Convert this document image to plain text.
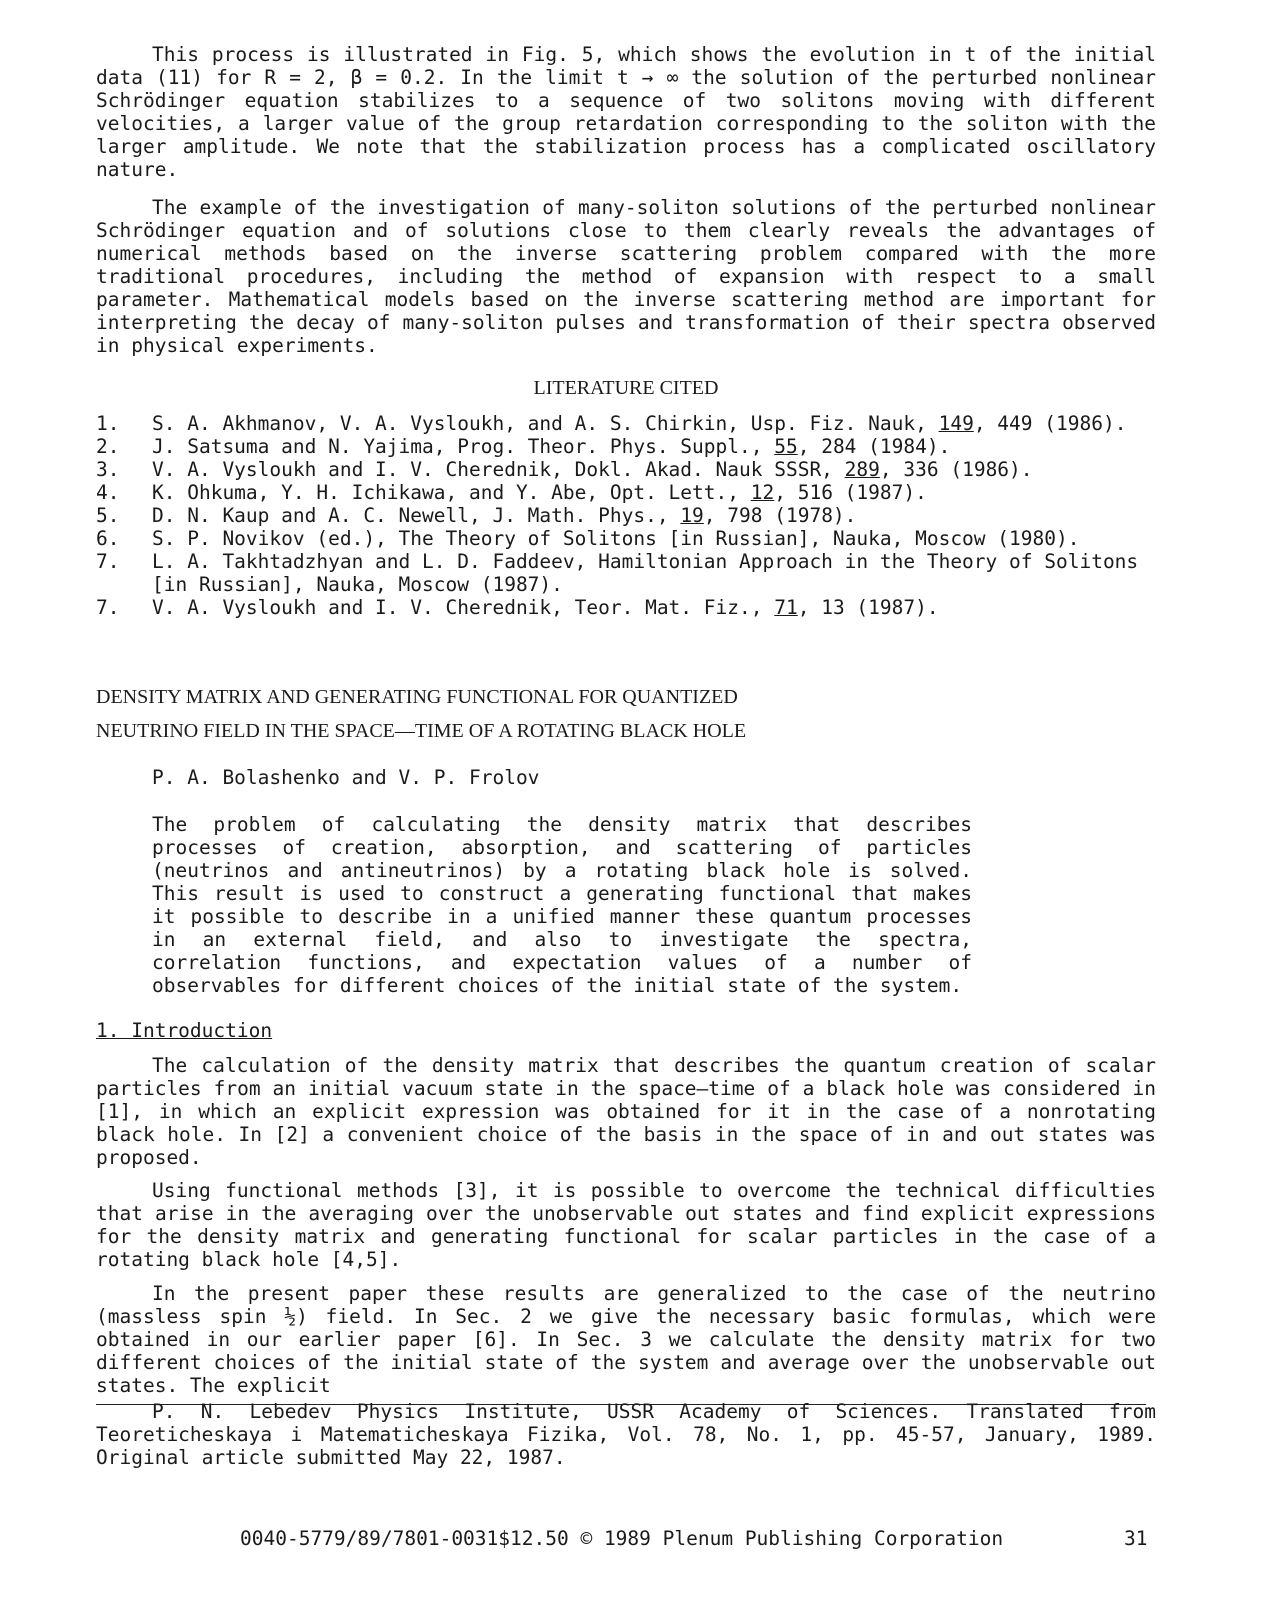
This process is illustrated in Fig. 5, which shows the evolution in t of the initial data (11) for R = 2, β = 0.2. In the limit t → ∞ the solution of the perturbed nonlinear Schrödinger equation stabilizes to a sequence of two solitons moving with different velocities, a larger value of the group retardation corresponding to the soliton with the larger amplitude. We note that the stabilization process has a complicated oscillatory nature.

The example of the investigation of many-soliton solutions of the perturbed nonlinear Schrödinger equation and of solutions close to them clearly reveals the advantages of numerical methods based on the inverse scattering problem compared with the more traditional procedures, including the method of expansion with respect to a small parameter. Mathematical models based on the inverse scattering method are important for interpreting the decay of many-soliton pulses and transformation of their spectra observed in physical experiments.

LITERATURE CITED
1.	S. A. Akhmanov, V. A. Vysloukh, and A. S. Chirkin, Usp. Fiz. Nauk, 149, 449 (1986).
2.	J. Satsuma and N. Yajima, Prog. Theor. Phys. Suppl., 55, 284 (1984).
3.	V. A. Vysloukh and I. V. Cherednik, Dokl. Akad. Nauk SSSR, 289, 336 (1986).
4.	K. Ohkuma, Y. H. Ichikawa, and Y. Abe, Opt. Lett., 12, 516 (1987).
5.	D. N. Kaup and A. C. Newell, J. Math. Phys., 19, 798 (1978).
6.	S. P. Novikov (ed.), The Theory of Solitons [in Russian], Nauka, Moscow (1980).
7.	L. A. Takhtadzhyan and L. D. Faddeev, Hamiltonian Approach in the Theory of Solitons [in Russian], Nauka, Moscow (1987).
7.	V. A. Vysloukh and I. V. Cherednik, Teor. Mat. Fiz., 71, 13 (1987).
DENSITY MATRIX AND GENERATING FUNCTIONAL FOR QUANTIZED
NEUTRINO FIELD IN THE SPACE—TIME OF A ROTATING BLACK HOLE
P. A. Bolashenko and V. P. Frolov

The problem of calculating the density matrix that describes processes of creation, absorption, and scattering of particles (neutrinos and antineutrinos) by a rotating black hole is solved. This result is used to construct a generating functional that makes it possible to describe in a unified manner these quantum processes in an external field, and also to investigate the spectra, correlation functions, and expectation values of a number of observables for different choices of the initial state of the system.

1. Introduction

The calculation of the density matrix that describes the quantum creation of scalar particles from an initial vacuum state in the space—time of a black hole was considered in [1], in which an explicit expression was obtained for it in the case of a nonrotating black hole. In [2] a convenient choice of the basis in the space of in and out states was proposed.

Using functional methods [3], it is possible to overcome the technical difficulties that arise in the averaging over the unobservable out states and find explicit expressions for the density matrix and generating functional for scalar particles in the case of a rotating black hole [4,5].

In the present paper these results are generalized to the case of the neutrino (massless spin ½) field. In Sec. 2 we give the necessary basic formulas, which were obtained in our earlier paper [6]. In Sec. 3 we calculate the density matrix for two different choices of the initial state of the system and average over the unobservable out states. The explicit

P. N. Lebedev Physics Institute, USSR Academy of Sciences. Translated from Teoreticheskaya i Matematicheskaya Fizika, Vol. 78, No. 1, pp. 45-57, January, 1989. Original article submitted May 22, 1987.

0040-5779/89/7801-0031$12.50 © 1989 Plenum Publishing Corporation	31
